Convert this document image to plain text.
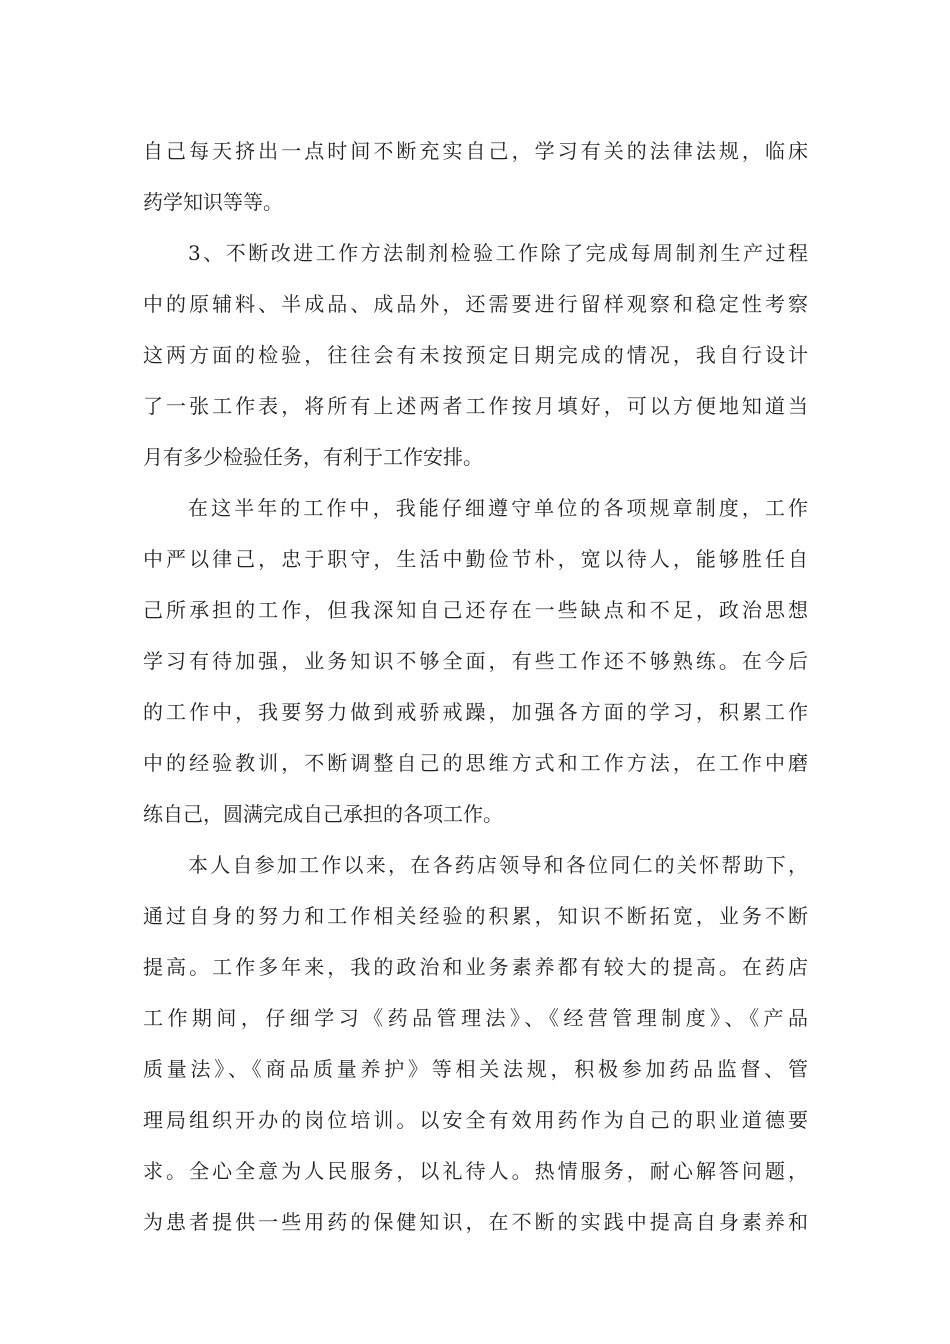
自己每天挤出一点时间不断充实自己，学习有关的法律法规，临床
药学知识等等。
3、不断改进工作方法制剂检验工作除了完成每周制剂生产过程
中的原辅料、半成品、成品外，还需要进行留样观察和稳定性考察
这两方面的检验，往往会有未按预定日期完成的情况，我自行设计
了一张工作表，将所有上述两者工作按月填好，可以方便地知道当
月有多少检验任务，有利于工作安排。
在这半年的工作中，我能仔细遵守单位的各项规章制度，工作
中严以律己，忠于职守，生活中勤俭节朴，宽以待人，能够胜任自
己所承担的工作，但我深知自己还存在一些缺点和不足，政治思想
学习有待加强，业务知识不够全面，有些工作还不够熟练。在今后
的工作中，我要努力做到戒骄戒躁，加强各方面的学习，积累工作
中的经验教训，不断调整自己的思维方式和工作方法，在工作中磨
练自己，圆满完成自己承担的各项工作。
本人自参加工作以来，在各药店领导和各位同仁的关怀帮助下，
通过自身的努力和工作相关经验的积累，知识不断拓宽，业务不断
提高。工作多年来，我的政治和业务素养都有较大的提高。在药店
工作期间，仔细学习《药品管理法》、《经营管理制度》、《产品
质量法》、《商品质量养护》等相关法规，积极参加药品监督、管
理局组织开办的岗位培训。以安全有效用药作为自己的职业道德要
求。全心全意为人民服务，以礼待人。热情服务，耐心解答问题，
为患者提供一些用药的保健知识，在不断的实践中提高自身素养和
